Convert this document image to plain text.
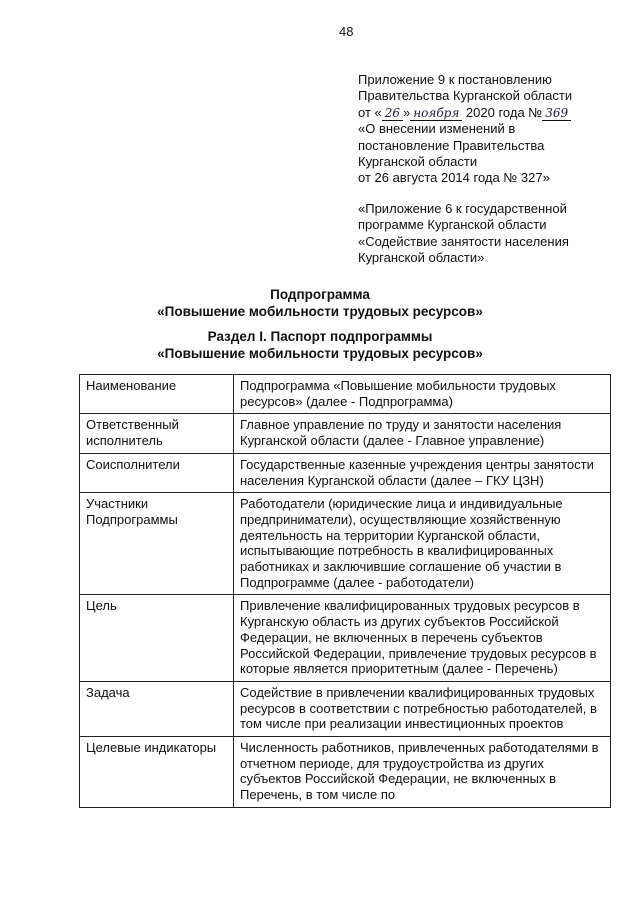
48
Приложение 9 к постановлению
Правительства Курганской области
от « 26 » ноября 2020 года № 369
«О внесении изменений в
постановление Правительства
Курганской области
от 26 августа 2014 года № 327»
«Приложение 6 к государственной
программе Курганской области
«Содействие занятости населения
Курганской области»
Подпрограмма
«Повышение мобильности трудовых ресурсов»
Раздел I. Паспорт подпрограммы
«Повышение мобильности трудовых ресурсов»
Наименование	Подпрограмма «Повышение мобильности трудовых ресурсов» (далее - Подпрограмма)
Ответственный исполнитель	Главное управление по труду и занятости населения Курганской области (далее - Главное управление)
Соисполнители	Государственные казенные учреждения центры занятости населения Курганской области (далее – ГКУ ЦЗН)
Участники Подпрограммы	Работодатели (юридические лица и индивидуальные предприниматели), осуществляющие хозяйственную деятельность на территории Курганской области, испытывающие потребность в квалифицированных работниках и заключившие соглашение об участии в Подпрограмме (далее - работодатели)
Цель	Привлечение квалифицированных трудовых ресурсов в Курганскую область из других субъектов Российской Федерации, не включенных в перечень субъектов Российской Федерации, привлечение трудовых ресурсов в которые является приоритетным (далее - Перечень)
Задача	Содействие в привлечении квалифицированных трудовых ресурсов в соответствии с потребностью работодателей, в том числе при реализации инвестиционных проектов
Целевые индикаторы	Численность работников, привлеченных работодателями в отчетном периоде, для трудоустройства из других субъектов Российской Федерации, не включенных в Перечень, в том числе по
